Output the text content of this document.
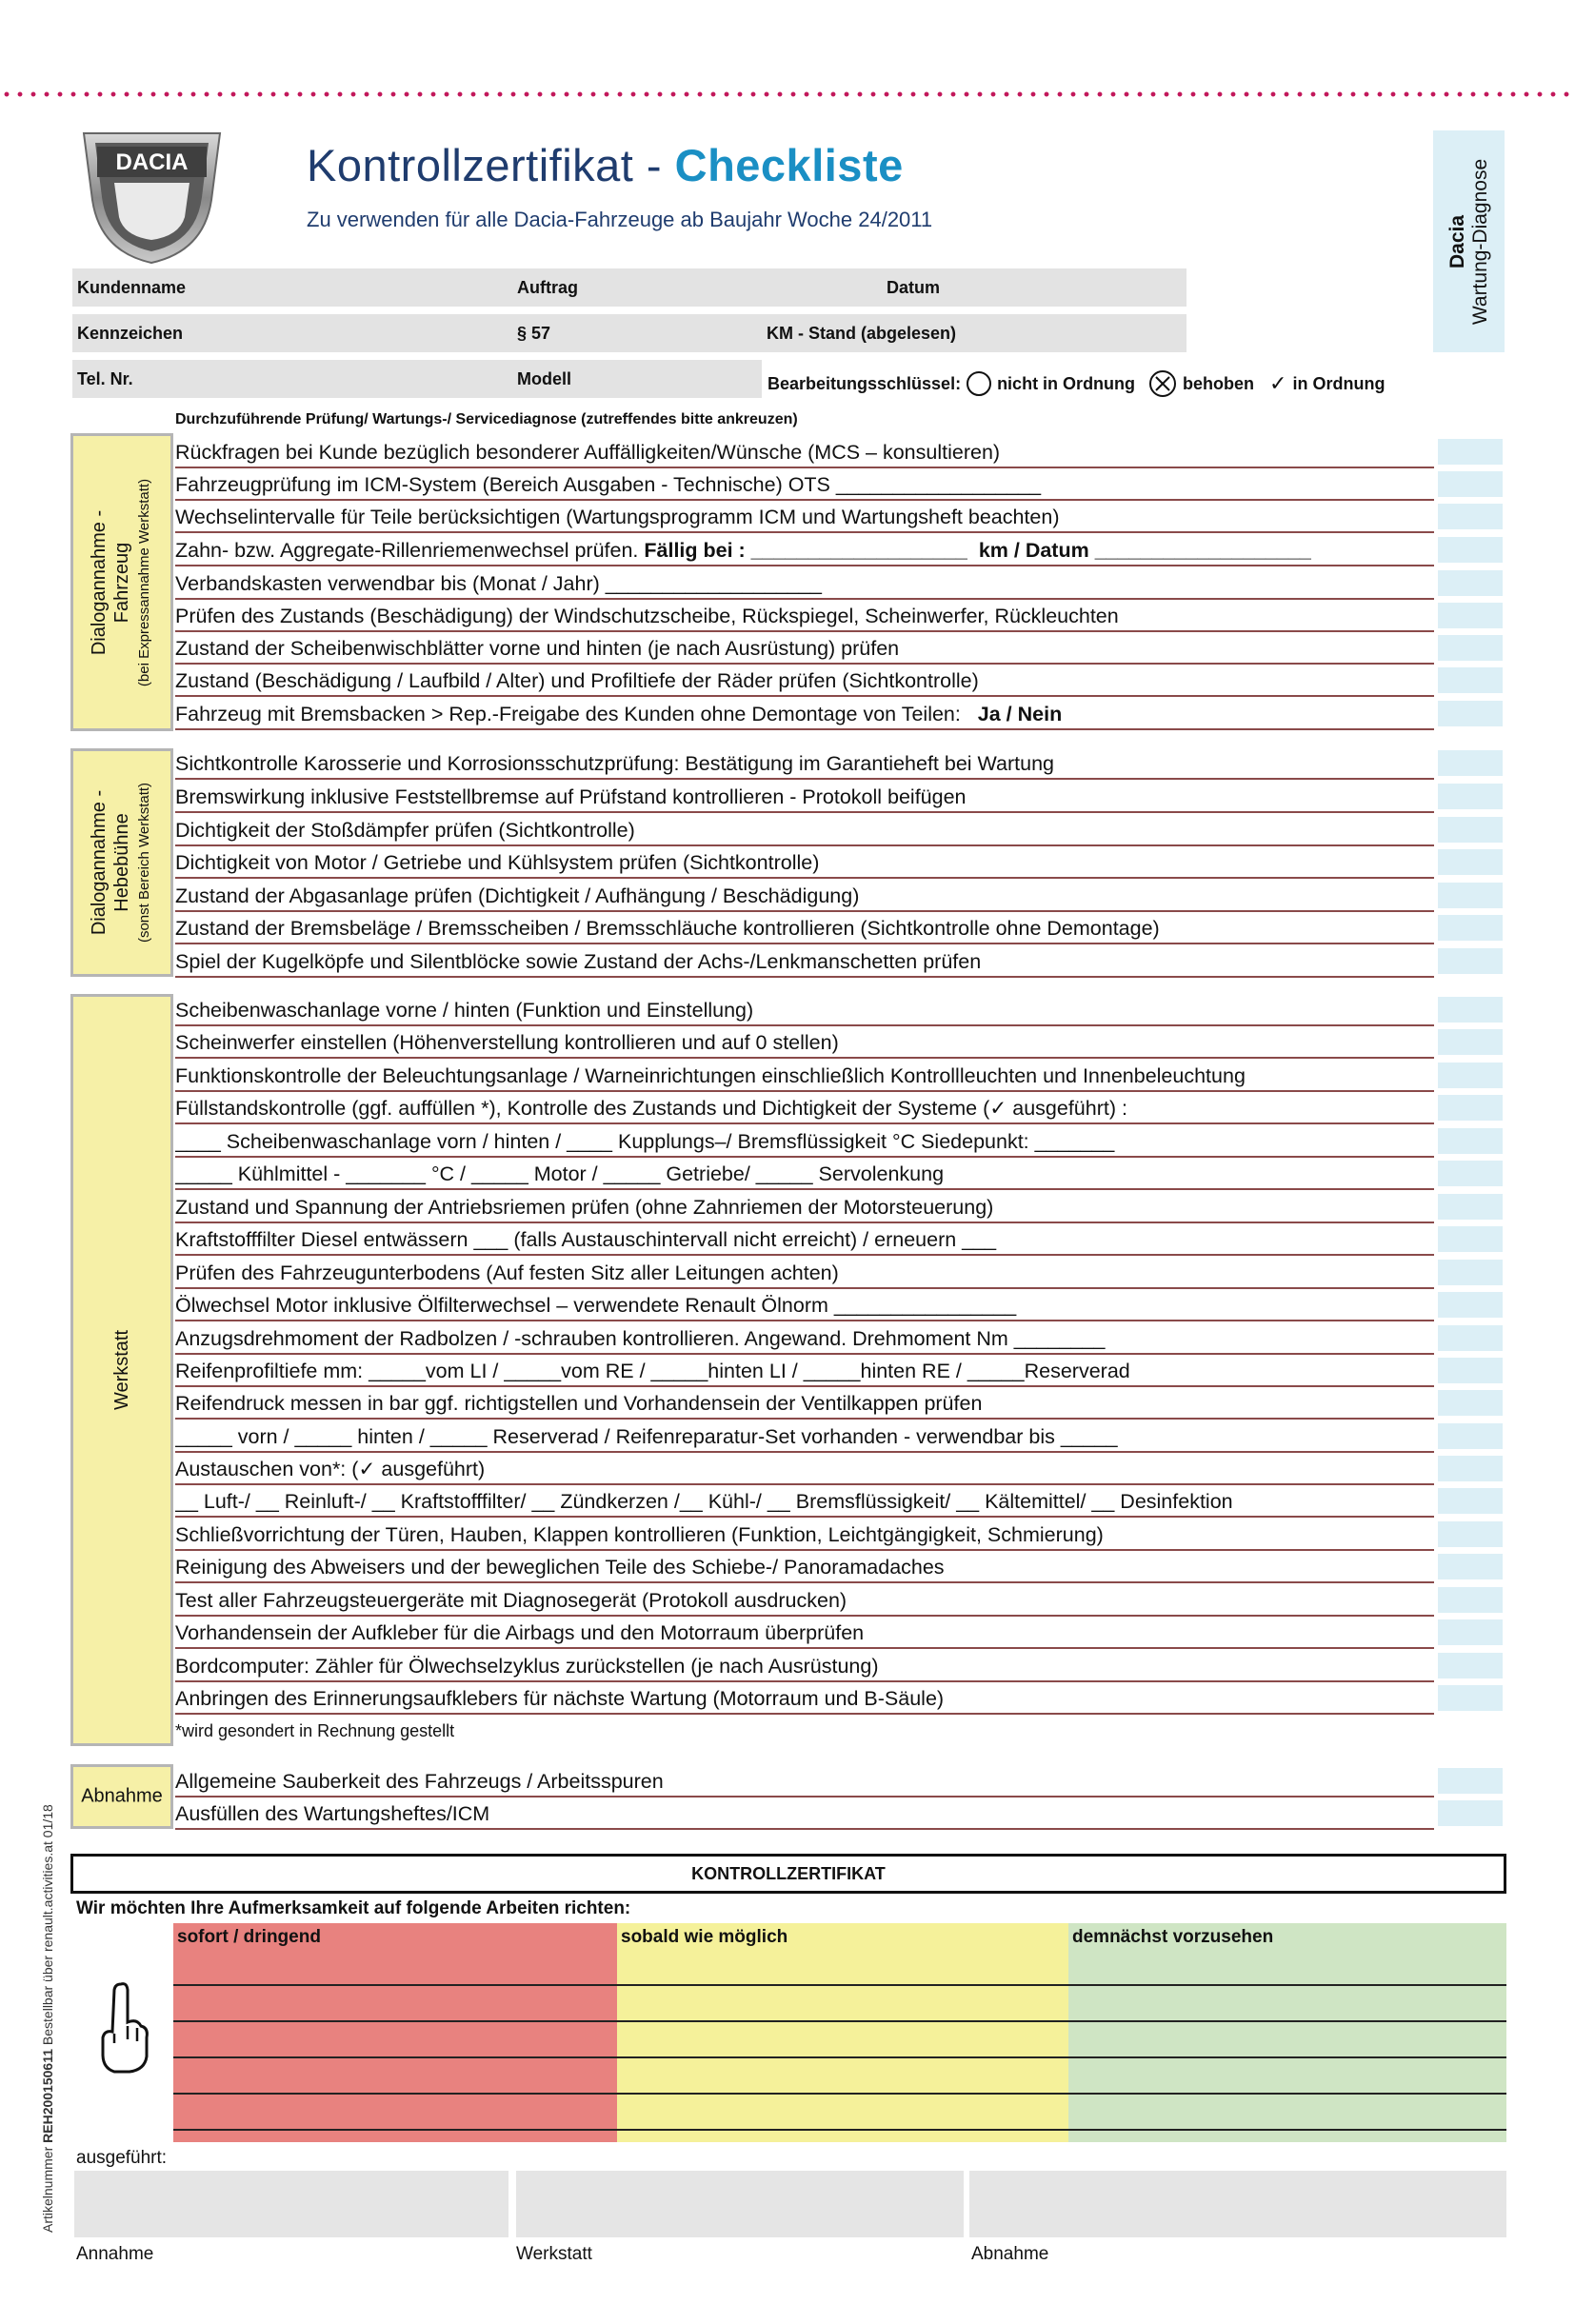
DACIA	Kontrollzertifikat - Checkliste
Zu verwenden für alle Dacia-Fahrzeuge ab Baujahr Woche 24/2011	Dacia Wartung-Diagnose
Kundenname	Auftrag	Datum
Kennzeichen	§ 57	KM - Stand (abgelesen)
Tel. Nr.	Modell	Bearbeitungsschlüssel: nicht in Ordnung	behoben ✓ in Ordnung
Durchzuführende Prüfung/ Wartungs-/ Servicediagnose (zutreffendes bitte ankreuzen)
Dialogannahme - Fahrzeug (bei Expressannahme Werkstatt)
Rückfragen bei Kunde bezüglich besonderer Auffälligkeiten/Wünsche (MCS – konsultieren)
Fahrzeugprüfung im ICM-System (Bereich Ausgaben - Technische) OTS __________________
Wechselintervalle für Teile berücksichtigen (Wartungsprogramm ICM und Wartungsheft beachten)
Zahn- bzw. Aggregate-Rillenriemenwechsel prüfen. Fällig bei : ___________________ km / Datum ___________________
Verbandskasten verwendbar bis (Monat / Jahr) ___________________
Prüfen des Zustands (Beschädigung) der Windschutzscheibe, Rückspiegel, Scheinwerfer, Rückleuchten
Zustand der Scheibenwischblätter vorne und hinten (je nach Ausrüstung) prüfen
Zustand (Beschädigung / Laufbild / Alter) und Profiltiefe der Räder prüfen (Sichtkontrolle)
Fahrzeug mit Bremsbacken > Rep.-Freigabe des Kunden ohne Demontage von Teilen: Ja / Nein
Dialogannahme - Hebebühne (sonst Bereich Werkstatt)
Sichtkontrolle Karosserie und Korrosionsschutzprüfung: Bestätigung im Garantieheft bei Wartung
Bremswirkung inklusive Feststellbremse auf Prüfstand kontrollieren - Protokoll beifügen
Dichtigkeit der Stoßdämpfer prüfen (Sichtkontrolle)
Dichtigkeit von Motor / Getriebe und Kühlsystem prüfen (Sichtkontrolle)
Zustand der Abgasanlage prüfen (Dichtigkeit / Aufhängung / Beschädigung)
Zustand der Bremsbeläge / Bremsscheiben / Bremsschläuche kontrollieren (Sichtkontrolle ohne Demontage)
Spiel der Kugelköpfe und Silentblöcke sowie Zustand der Achs-/Lenkmanschetten prüfen
Werkstatt
Scheibenwaschanlage vorne / hinten (Funktion und Einstellung)
Scheinwerfer einstellen (Höhenverstellung kontrollieren und auf 0 stellen)
Funktionskontrolle der Beleuchtungsanlage / Warneinrichtungen einschließlich Kontrollleuchten und Innenbeleuchtung
Füllstandskontrolle (ggf. auffüllen *), Kontrolle des Zustands und Dichtigkeit der Systeme (✓ ausgeführt) :
____ Scheibenwaschanlage vorn / hinten / ____ Kupplungs–/ Bremsflüssigkeit °C Siedepunkt: _______
_____ Kühlmittel - _______ °C / _____ Motor / _____ Getriebe/ _____ Servolenkung
Zustand und Spannung der Antriebsriemen prüfen (ohne Zahnriemen der Motorsteuerung)
Kraftstofffilter Diesel entwässern ___ (falls Austauschintervall nicht erreicht) / erneuern ___
Prüfen des Fahrzeugunterbodens (Auf festen Sitz aller Leitungen achten)
Ölwechsel Motor inklusive Ölfilterwechsel – verwendete Renault Ölnorm ________________
Anzugsdrehmoment der Radbolzen / -schrauben kontrollieren. Angewand. Drehmoment Nm ________
Reifenprofiltiefe mm: _____vom LI / _____vom RE / _____hinten LI / _____hinten RE / _____Reserverad
Reifendruck messen in bar ggf. richtigstellen und Vorhandensein der Ventilkappen prüfen
_____ vorn / _____ hinten / _____ Reserverad / Reifenreparatur-Set vorhanden - verwendbar bis _____
Austauschen von*: (✓ ausgeführt)
__ Luft-/ __ Reinluft-/ __ Kraftstofffilter/ __ Zündkerzen /__ Kühl-/ __ Bremsflüssigkeit/ __ Kältemittel/ __ Desinfektion
Schließvorrichtung der Türen, Hauben, Klappen kontrollieren (Funktion, Leichtgängigkeit, Schmierung)
Reinigung des Abweisers und der beweglichen Teile des Schiebe-/ Panoramadaches
Test aller Fahrzeugsteuergeräte mit Diagnosegerät (Protokoll ausdrucken)
Vorhandensein der Aufkleber für die Airbags und den Motorraum überprüfen
Bordcomputer: Zähler für Ölwechselzyklus zurückstellen (je nach Ausrüstung)
Anbringen des Erinnerungsaufklebers für nächste Wartung (Motorraum und B-Säule)
*wird gesondert in Rechnung gestellt
Abnahme
Allgemeine Sauberkeit des Fahrzeugs / Arbeitsspuren
Ausfüllen des Wartungsheftes/ICM
KONTROLLZERTIFIKAT
Wir möchten Ihre Aufmerksamkeit auf folgende Arbeiten richten:
sofort / dringend	sobald wie möglich	demnächst vorzusehen
ausgeführt:
Annahme	Werkstatt	Abnahme
Artikelnummer REH200150611 Bestellbar über renault.activities.at 01/18
